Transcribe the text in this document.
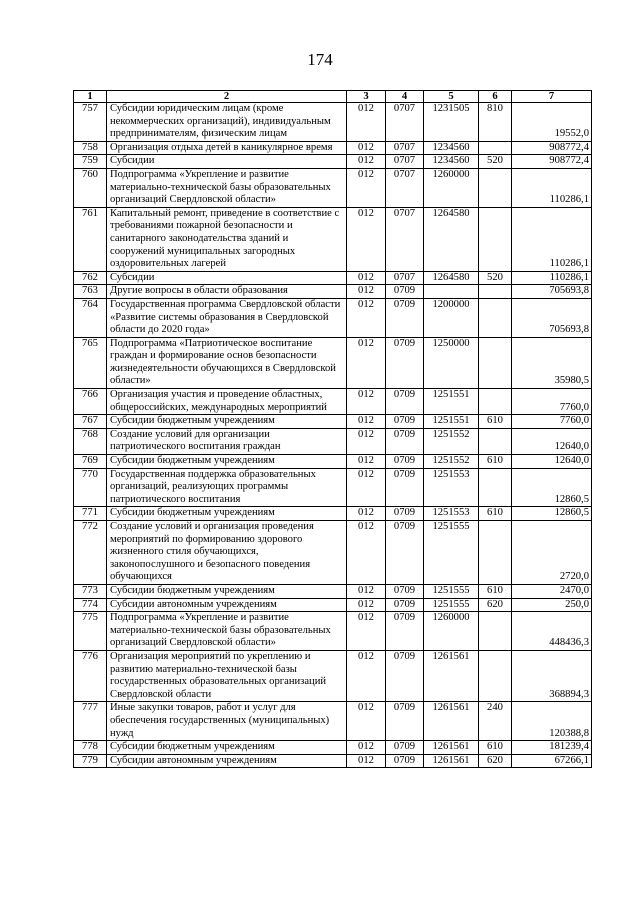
174
1	2	3	4	5	6	7
757	Субсидии юридическим лицам (кроме некоммерческих организаций), индивидуальным предпринимателям, физическим лицам	012	0707	1231505	810	19552,0
758	Организация отдыха детей в каникулярное время	012	0707	1234560		908772,4
759	Субсидии	012	0707	1234560	520	908772,4
760	Подпрограмма «Укрепление и развитие материально-технической базы образовательных организаций Свердловской области»	012	0707	1260000		110286,1
761	Капитальный ремонт, приведение в соответствие с требованиями пожарной безопасности и санитарного законодательства зданий и сооружений муниципальных загородных оздоровительных лагерей	012	0707	1264580		110286,1
762	Субсидии	012	0707	1264580	520	110286,1
763	Другие вопросы в области образования	012	0709			705693,8
764	Государственная программа Свердловской области «Развитие системы образования в Свердловской области до 2020 года»	012	0709	1200000		705693,8
765	Подпрограмма «Патриотическое воспитание граждан и формирование основ безопасности жизнедеятельности обучающихся в Свердловской области»	012	0709	1250000		35980,5
766	Организация участия и проведение областных, общероссийских, международных мероприятий	012	0709	1251551		7760,0
767	Субсидии бюджетным учреждениям	012	0709	1251551	610	7760,0
768	Создание условий для организации патриотического воспитания граждан	012	0709	1251552		12640,0
769	Субсидии бюджетным учреждениям	012	0709	1251552	610	12640,0
770	Государственная поддержка образовательных организаций, реализующих программы патриотического воспитания	012	0709	1251553		12860,5
771	Субсидии бюджетным учреждениям	012	0709	1251553	610	12860,5
772	Создание условий и организация проведения мероприятий по формированию здорового жизненного стиля обучающихся, законопослушного и безопасного поведения обучающихся	012	0709	1251555		2720,0
773	Субсидии бюджетным учреждениям	012	0709	1251555	610	2470,0
774	Субсидии автономным учреждениям	012	0709	1251555	620	250,0
775	Подпрограмма «Укрепление и развитие материально-технической базы образовательных организаций Свердловской области»	012	0709	1260000		448436,3
776	Организация мероприятий по укреплению и развитию материально-технической базы государственных образовательных организаций Свердловской области	012	0709	1261561		368894,3
777	Иные закупки товаров, работ и услуг для обеспечения государственных (муниципальных) нужд	012	0709	1261561	240	120388,8
778	Субсидии бюджетным учреждениям	012	0709	1261561	610	181239,4
779	Субсидии автономным учреждениям	012	0709	1261561	620	67266,1
